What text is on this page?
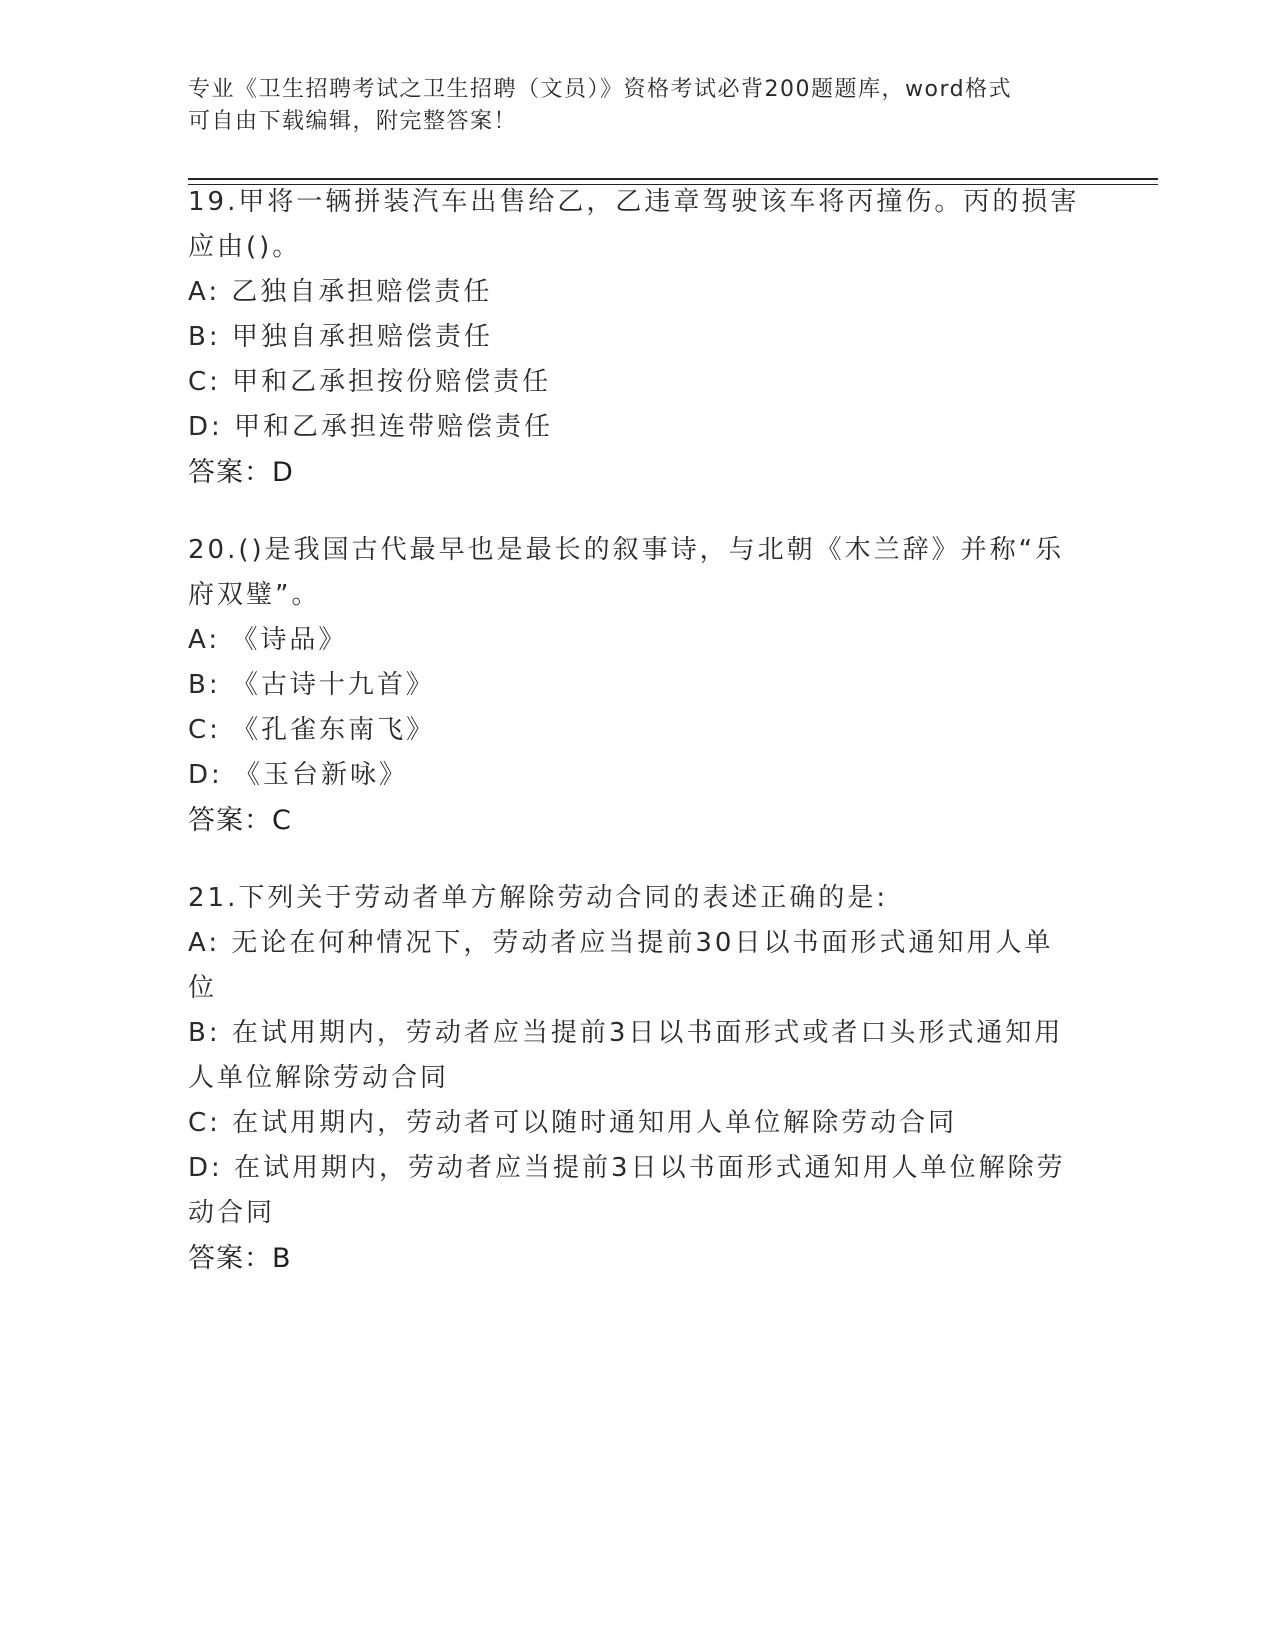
专业《卫生招聘考试之卫生招聘（文员）》资格考试必背200题题库，word格式
可自由下载编辑，附完整答案！
19.甲将一辆拼装汽车出售给乙，乙违章驾驶该车将丙撞伤。丙的损害
应由()。
A: 乙独自承担赔偿责任
B: 甲独自承担赔偿责任
C: 甲和乙承担按份赔偿责任
D: 甲和乙承担连带赔偿责任
答案：D
20.()是我国古代最早也是最长的叙事诗，与北朝《木兰辞》并称“乐
府双璧”。
A: 《诗品》
B: 《古诗十九首》
C: 《孔雀东南飞》
D: 《玉台新咏》
答案：C
21.下列关于劳动者单方解除劳动合同的表述正确的是:
A: 无论在何种情况下，劳动者应当提前30日以书面形式通知用人单
位
B: 在试用期内，劳动者应当提前3日以书面形式或者口头形式通知用
人单位解除劳动合同
C: 在试用期内，劳动者可以随时通知用人单位解除劳动合同
D: 在试用期内，劳动者应当提前3日以书面形式通知用人单位解除劳
动合同
答案：B
